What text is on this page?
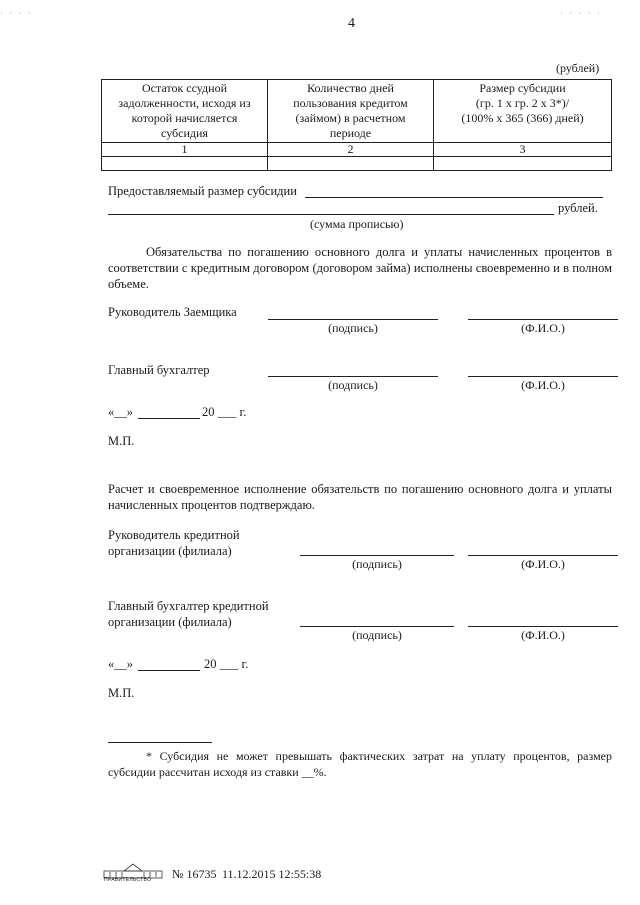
· · · ·	· · · · ·
4
(рублей)
Остаток ссудной
задолженности, исходя из
которой начисляется
субсидия	Количество дней
пользования кредитом
(займом) в расчетном
периоде	Размер субсидии
(гр. 1 х гр. 2 х 3*)/
(100% х 365 (366) дней)
1	2	3

Предоставляемый размер субсидии
рублей.
(сумма прописью)
Обязательства по погашению основного долга и уплаты начисленных процентов в соответствии с кредитным договором (договором займа) исполнены своевременно и в полном объеме.
Руководитель Заемщика
(подпись)	(Ф.И.О.)
Главный бухгалтер
(подпись)	(Ф.И.О.)
«__»	20 ___ г.
М.П.
Расчет и своевременное исполнение обязательств по погашению основного долга и уплаты начисленных процентов подтверждаю.
Руководитель кредитной
организации (филиала)
(подпись)	(Ф.И.О.)
Главный бухгалтер кредитной
организации (филиала)
(подпись)	(Ф.И.О.)
«__»	20 ___ г.
М.П.
* Субсидия не может превышать фактических затрат на уплату процентов, размер субсидии рассчитан исходя из ставки __%.
ПРАВИТЕЛЬСТВО № 16735 11.12.2015 12:55:38
